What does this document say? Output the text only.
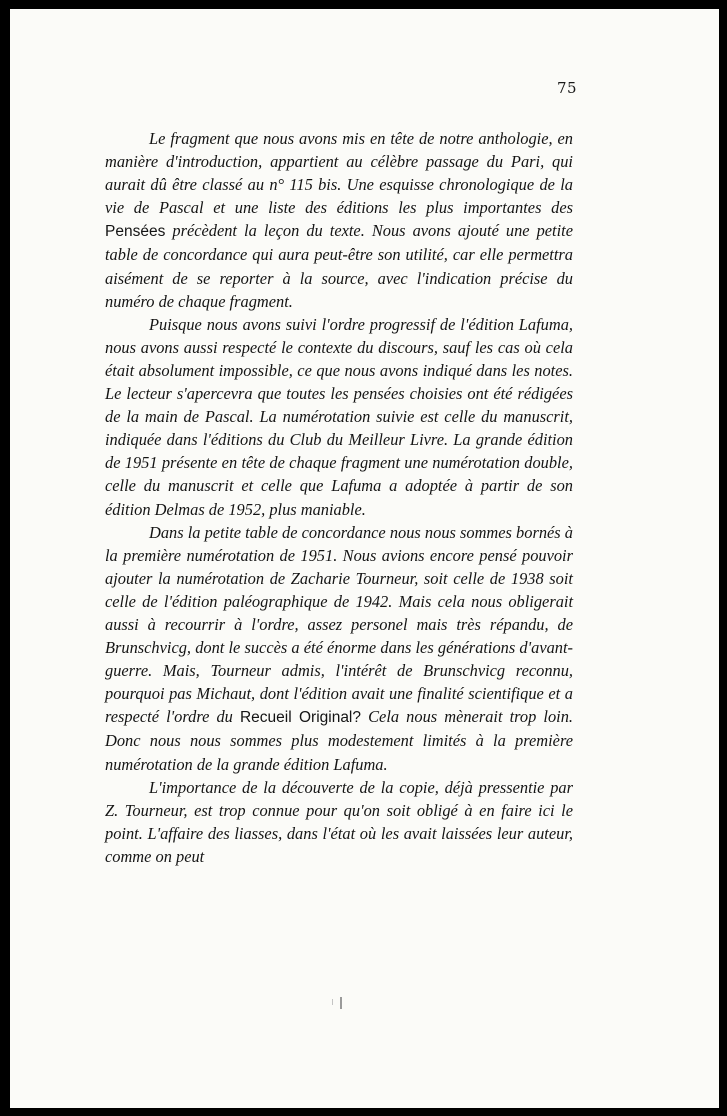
75

Le fragment que nous avons mis en tête de notre anthologie, en manière d'introduction, appartient au célèbre passage du Pari, qui aurait dû être classé au n° 115 bis. Une esquisse chronologique de la vie de Pascal et une liste des éditions les plus importantes des Pensées précèdent la leçon du texte. Nous avons ajouté une petite table de concordance qui aura peut-être son utilité, car elle permettra aisément de se reporter à la source, avec l'indication précise du numéro de chaque fragment.

Puisque nous avons suivi l'ordre progressif de l'édition Lafuma, nous avons aussi respecté le contexte du discours, sauf les cas où cela était absolument impossible, ce que nous avons indiqué dans les notes. Le lecteur s'apercevra que toutes les pensées choisies ont été rédigées de la main de Pascal. La numérotation suivie est celle du manuscrit, indiquée dans l'éditions du Club du Meilleur Livre. La grande édition de 1951 présente en tête de chaque fragment une numérotation double, celle du manuscrit et celle que Lafuma a adoptée à partir de son édition Delmas de 1952, plus maniable.

Dans la petite table de concordance nous nous sommes bornés à la première numérotation de 1951. Nous avions encore pensé pouvoir ajouter la numérotation de Zacharie Tourneur, soit celle de 1938 soit celle de l'édition paléographique de 1942. Mais cela nous obligerait aussi à recourrir à l'ordre, assez personel mais très répandu, de Brunschvicg, dont le succès a été énorme dans les générations d'avant-guerre. Mais, Tourneur admis, l'intérêt de Brunschvicg reconnu, pourquoi pas Michaut, dont l'édition avait une finalité scientifique et a respecté l'ordre du Recueil Original? Cela nous mènerait trop loin. Donc nous nous sommes plus modestement limités à la première numérotation de la grande édition Lafuma.

L'importance de la découverte de la copie, déjà pressentie par Z. Tourneur, est trop connue pour qu'on soit obligé à en faire ici le point. L'affaire des liasses, dans l'état où les avait laissées leur auteur, comme on peut
